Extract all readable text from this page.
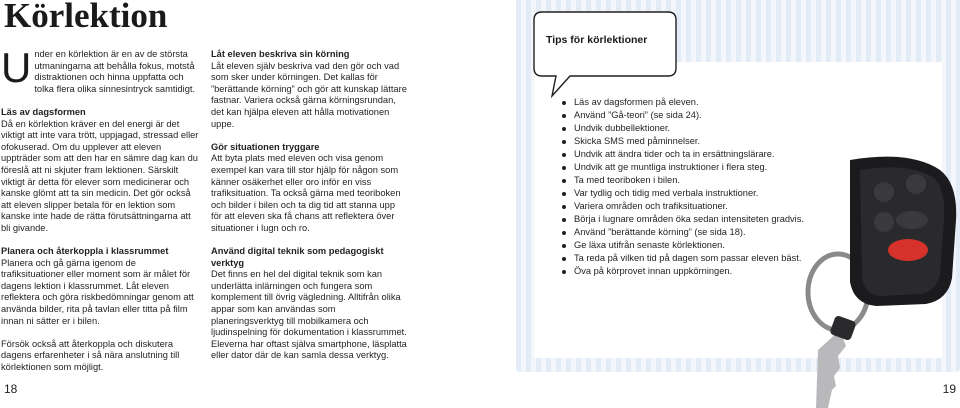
Körlektion

U nder en körlektion är en av de största utmaningarna att behålla fokus, motstå distraktionen och hinna uppfatta och tolka flera olika sinnesintryck samtidigt.

Läs av dagsformen

Då en körlektion kräver en del energi är det viktigt att inte vara trött, uppjagad, stressad eller ofokuserad. Om du upplever att eleven uppträder som att den har en sämre dag kan du föreslå att ni skjuter fram lektionen. Särskilt viktigt är detta för elever som medicinerar och kanske glömt att ta sin medicin. Det gör också att eleven slipper betala för en lektion som kanske inte hade de rätta förutsättningarna att bli givande.

Planera och återkoppla i klassrummet

Planera och gå gärna igenom de trafiksituationer eller moment som är målet för dagens lektion i klassrummet. Låt eleven reflektera och göra riskbedömningar genom att använda bilder, rita på tavlan eller titta på film innan ni sätter er i bilen.

Försök också att återkoppla och diskutera dagens erfarenheter i så nära anslutning till körlektionen som möjligt.

Låt eleven beskriva sin körning

Låt eleven själv beskriva vad den gör och vad som sker under körningen. Det kallas för ”berättande körning” och gör att kunskap lättare fastnar. Variera också gärna körningsrundan, det kan hjälpa eleven att hålla motivationen uppe.

Gör situationen tryggare

Att byta plats med eleven och visa genom exempel kan vara till stor hjälp för någon som känner osäkerhet eller oro inför en viss trafiksituation. Ta också gärna med teoriboken och bilder i bilen och ta dig tid att stanna upp för att eleven ska få chans att reflektera över situationer i lugn och ro.

Använd digital teknik som pedagogiskt verktyg

Det finns en hel del digital teknik som kan underlätta inlärningen och fungera som komplement till övrig vägledning. Alltifrån olika appar som kan användas som planeringsverktyg till mobilkamera och ljudinspelning för dokumentation i klassrummet. Eleverna har oftast själva smartphone, läsplatta eller dator där de kan samla dessa verktyg.

18
Tips för körlektioner
Läs av dagsformen på eleven.
Använd ”Gå-teori” (se sida 24).
Undvik dubbellektioner.
Skicka SMS med påminnelser.
Undvik att ändra tider och ta in ersättningslärare.
Undvik att ge muntliga instruktioner i flera steg.
Ta med teoriboken i bilen.
Var tydlig och tidig med verbala instruktioner.
Variera områden och trafiksituationer.
Börja i lugnare områden öka sedan intensiteten gradvis.
Använd ”berättande körning” (se sida 18).
Ge läxa utifrån senaste körlektionen.
Ta reda på vilken tid på dagen som passar eleven bäst.
Öva på körprovet innan uppkörningen.
19
